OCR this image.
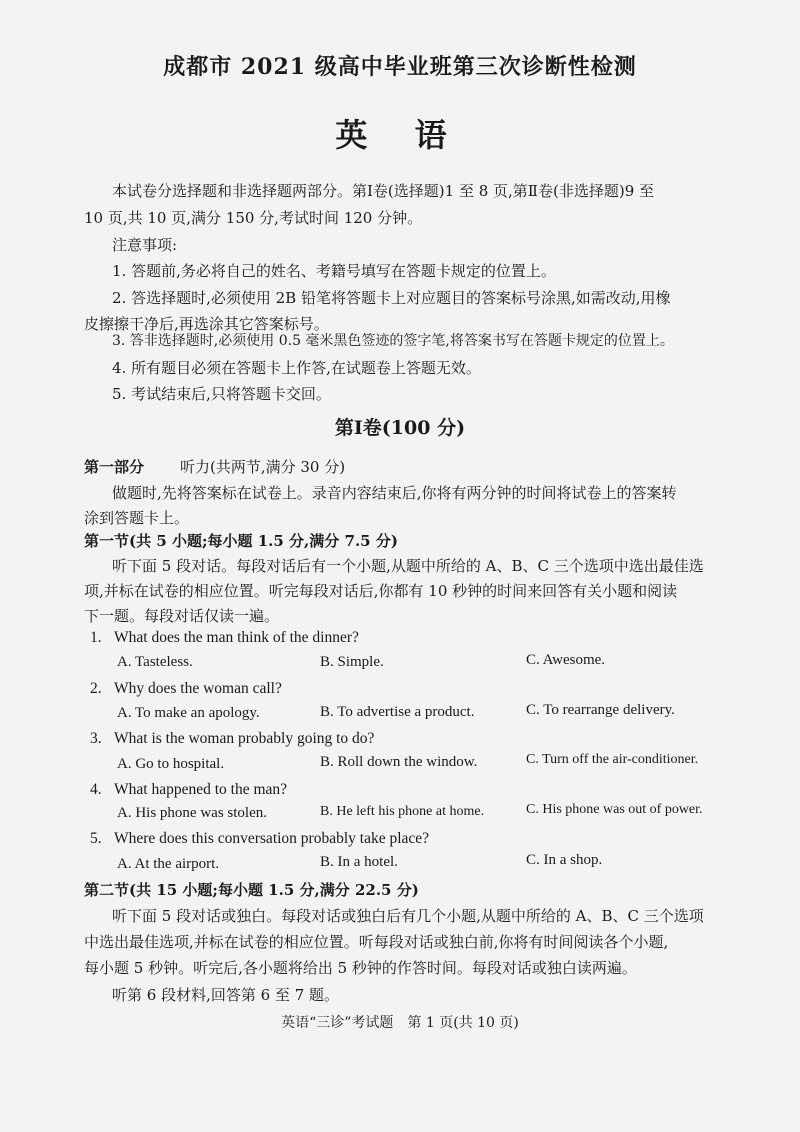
成都市 2021 级高中毕业班第三次诊断性检测
英 语
本试卷分选择题和非选择题两部分。第Ⅰ卷(选择题)1 至 8 页,第Ⅱ卷(非选择题)9 至
10 页,共 10 页,满分 150 分,考试时间 120 分钟。
注意事项:
1. 答题前,务必将自己的姓名、考籍号填写在答题卡规定的位置上。
2. 答选择题时,必须使用 2B 铅笔将答题卡上对应题目的答案标号涂黑,如需改动,用橡
皮擦擦干净后,再选涂其它答案标号。
3. 答非选择题时,必须使用 0.5 毫米黑色签迹的签字笔,将答案书写在答题卡规定的位置上。
4. 所有题目必须在答题卡上作答,在试题卷上答题无效。
5. 考试结束后,只将答题卡交回。
第Ⅰ卷(100 分)
第一部分 听力(共两节,满分 30 分)
做题时,先将答案标在试卷上。录音内容结束后,你将有两分钟的时间将试卷上的答案转
涂到答题卡上。
第一节(共 5 小题;每小题 1.5 分,满分 7.5 分)
听下面 5 段对话。每段对话后有一个小题,从题中所给的 A、B、C 三个选项中选出最佳选
项,并标在试卷的相应位置。听完每段对话后,你都有 10 秒钟的时间来回答有关小题和阅读
下一题。每段对话仅读一遍。
1. What does the man think of the dinner?
A. Tasteless.	B. Simple.	C. Awesome.
2. Why does the woman call?
A. To make an apology.	B. To advertise a product.	C. To rearrange delivery.
3. What is the woman probably going to do?
A. Go to hospital.	B. Roll down the window.	C. Turn off the air-conditioner.
4. What happened to the man?
A. His phone was stolen.	B. He left his phone at home.	C. His phone was out of power.
5. Where does this conversation probably take place?
A. At the airport.	B. In a hotel.	C. In a shop.
第二节(共 15 小题;每小题 1.5 分,满分 22.5 分)
听下面 5 段对话或独白。每段对话或独白后有几个小题,从题中所给的 A、B、C 三个选项
中选出最佳选项,并标在试卷的相应位置。听每段对话或独白前,你将有时间阅读各个小题,
每小题 5 秒钟。听完后,各小题将给出 5 秒钟的作答时间。每段对话或独白读两遍。
听第 6 段材料,回答第 6 至 7 题。
英语“三诊”考试题　第 1 页(共 10 页)
